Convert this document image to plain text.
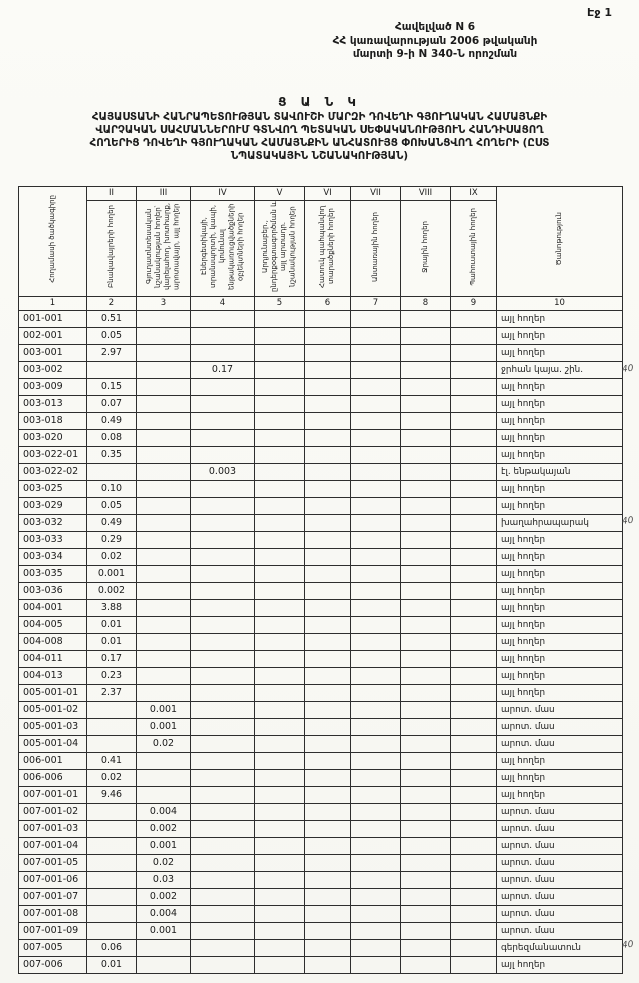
Էջ 1
Հավելված N 6
ՀՀ կառավարության 2006 թվականի
մարտի 9-ի N 340-Ն որոշման
Ց Ա Ն Կ
ՀԱՅԱՍՏԱՆԻ ՀԱՆՐԱՊԵՏՈՒԹՅԱՆ ՏԱՎՈՒՇԻ ՄԱՐԶԻ ԴՈՎԵՂԻ ԳՅՈՒՂԱԿԱՆ ՀԱՄԱՅՆՔԻ
ՎԱՐՉԱԿԱՆ ՍԱՀՄԱՆՆԵՐՈՒՄ ԳՏՆՎՈՂ ՊԵՏԱԿԱՆ ՍԵՓԱԿԱՆՈՒԹՅՈՒՆ ՀԱՆԴԻՍԱՑՈՂ
ՀՈՂԵՐԻՑ ԴՈՎԵՂԻ ԳՅՈՒՂԱԿԱՆ ՀԱՄԱՅՆՔԻՆ ԱՆՀԱՏՈՒՅՑ ՓՈԽԱՆՑՎՈՂ ՀՈՂԵՐԻ (ԸՍՏ
ՆՊԱՏԱԿԱՅԻՆ ՆՇԱՆԱԿՈՒԹՅԱՆ)
Հողամասի ծածկագիրը	II	III	IV	V	VI	VII	VIII	IX	Ծանոթություն
	Բնակավայրերի հողեր	Գյուղատնտեսական նշանակության հողեր՝ վարելահող, խոտհարք, արոտավայր, այլ հողեր	Էներգետիկայի, տրանսպորտի, կապի, կոմունալ ենթակառուցվածքների օբյեկտների հողեր	Արդյունաբեր., ընդերքօգտագործման և այլ արտադր. նշանակության հողեր	Հատուկ պահպանվող տարածքների հողեր	Անտառային հողեր	Ջրային հողեր	Պահուստային հողեր	
1	2	3	4	5	6	7	8	9	10
001-001	0.51								այլ հողեր
002-001	0.05								այլ հողեր
003-001	2.97								այլ հողեր
003-002			0.17						ջրհան կայա. շին.
003-009	0.15								այլ հողեր
003-013	0.07								այլ հողեր
003-018	0.49								այլ հողեր
003-020	0.08								այլ հողեր
003-022-01	0.35								այլ հողեր
003-022-02			0.003						էլ. ենթակայան
003-025	0.10								այլ հողեր
003-029	0.05								այլ հողեր
003-032	0.49								խաղահրապարակ
003-033	0.29								այլ հողեր
003-034	0.02								այլ հողեր
003-035	0.001								այլ հողեր
003-036	0.002								այլ հողեր
004-001	3.88								այլ հողեր
004-005	0.01								այլ հողեր
004-008	0.01								այլ հողեր
004-011	0.17								այլ հողեր
004-013	0.23								այլ հողեր
005-001-01	2.37								այլ հողեր
005-001-02		0.001							արոտ. մաս
005-001-03		0.001							արոտ. մաս
005-001-04		0.02							արոտ. մաս
006-001	0.41								այլ հողեր
006-006	0.02								այլ հողեր
007-001-01	9.46								այլ հողեր
007-001-02		0.004							արոտ. մաս
007-001-03		0.002							արոտ. մաս
007-001-04		0.001							արոտ. մաս
007-001-05		0.02							արոտ. մաս
007-001-06		0.03							արոտ. մաս
007-001-07		0.002							արոտ. մաս
007-001-08		0.004							արոտ. մաս
007-001-09		0.001							արոտ. մաս
007-005	0.06								գերեզմանատուն
007-006	0.01								այլ հողեր
40
40
40
